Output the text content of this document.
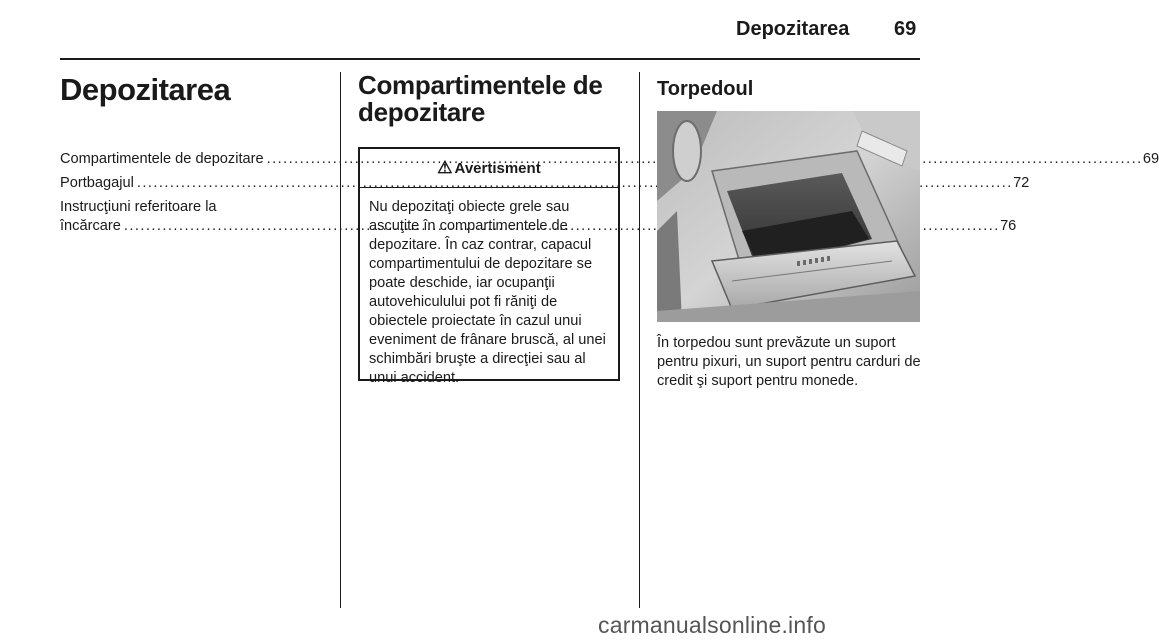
Depozitarea 69
Depozitarea
Compartimentele de depozitare . . .	69
Portbagajul . . .	72
Instrucţiuni referitoare la
încărcare . . .	76
Compartimentele de depozitare
⚠ Avertisment
Nu depozitaţi obiecte grele sau ascuţite în compartimentele de depozitare. În caz contrar, capacul compartimentului de depozitare se poate deschide, iar ocupanţii autovehiculului pot fi răniţi de obiectele proiectate în cazul unui eveniment de frânare bruscă, al unei schimbări bruşte a direcţiei sau al unui accident.
Torpedoul
În torpedou sunt prevăzute un suport pentru pixuri, un suport pentru carduri de credit şi suport pentru monede.
carmanualsonline.info
